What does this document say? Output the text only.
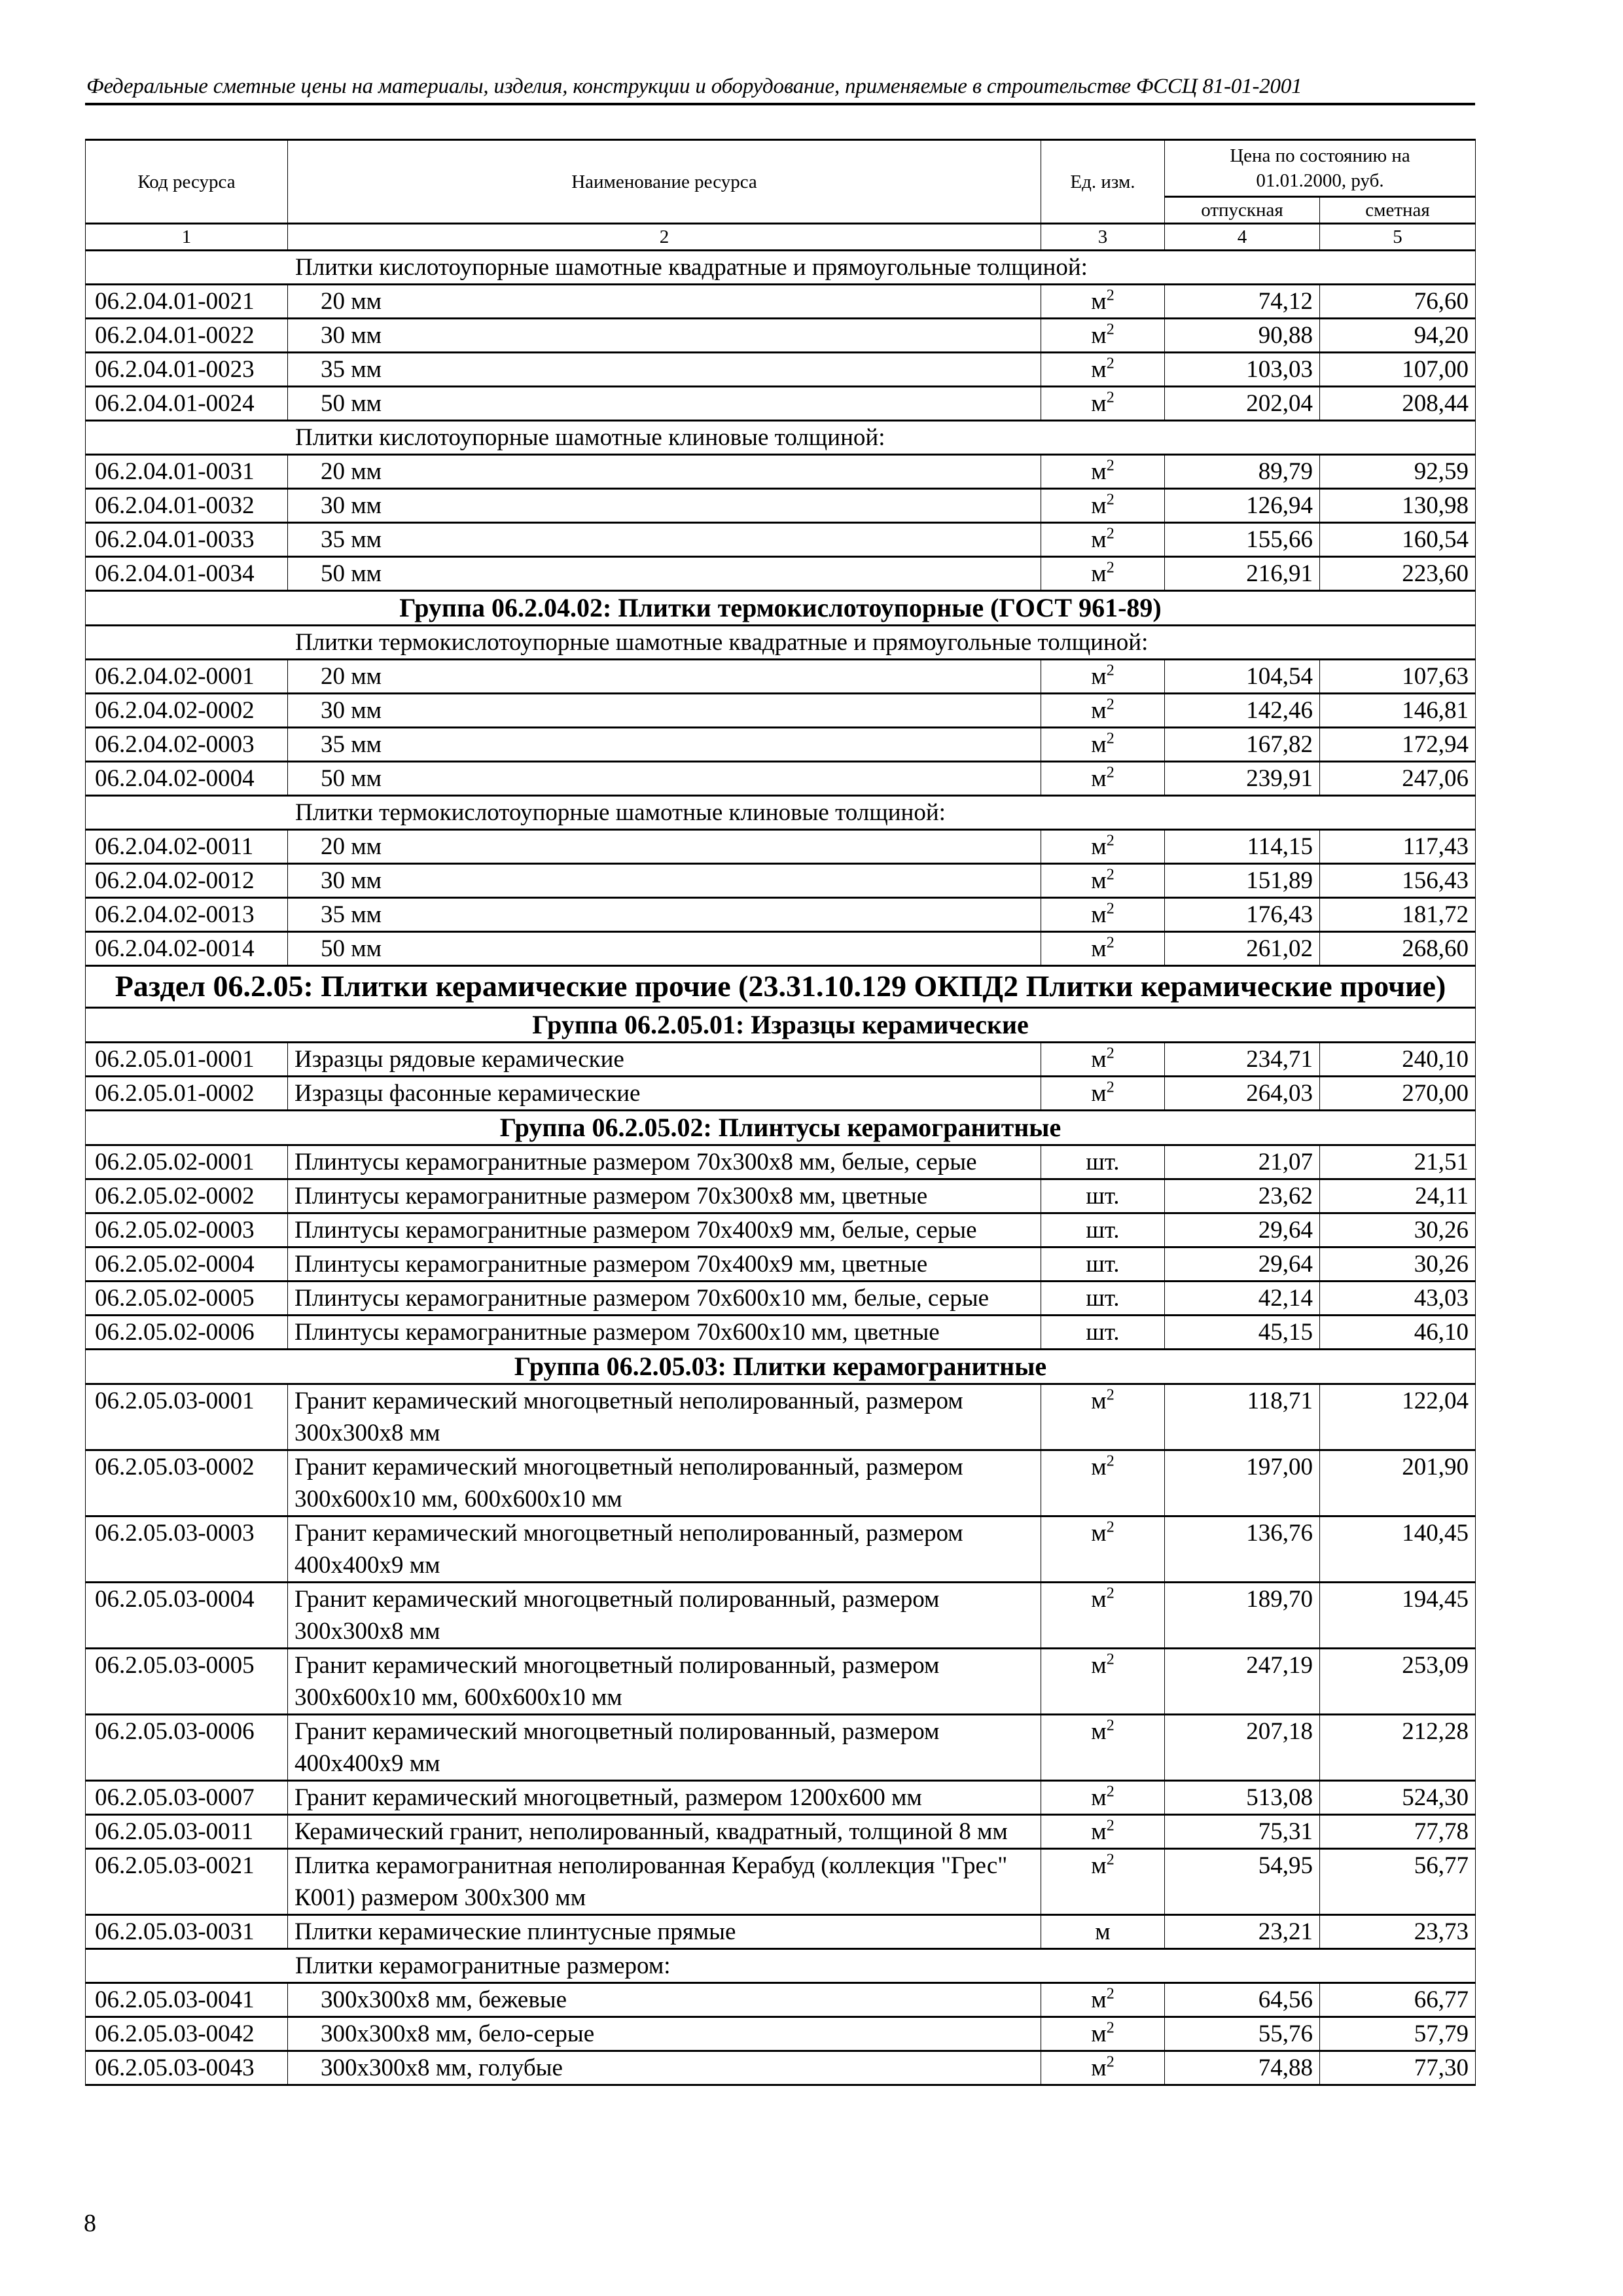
Федеральные сметные цены на материалы, изделия, конструкции и оборудование, применяемые в строительстве ФССЦ 81-01-2001
Код ресурса	Наименование ресурса	Ед. изм.	Цена по состоянию на 01.01.2000, руб.	
			отпускная	сметная
1	2	3	4	5
Плитки кислотоупорные шамотные квадратные и прямоугольные толщиной:				
06.2.04.01-0021	20 мм	$м^2$	74,12	76,60
06.2.04.01-0022	30 мм	$м^2$	90,88	94,20
06.2.04.01-0023	35 мм	$м^2$	103,03	107,00
06.2.04.01-0024	50 мм	$м^2$	202,04	208,44
Плитки кислотоупорные шамотные клиновые толщиной:				
06.2.04.01-0031	20 мм	$м^2$	89,79	92,59
06.2.04.01-0032	30 мм	$м^2$	126,94	130,98
06.2.04.01-0033	35 мм	$м^2$	155,66	160,54
06.2.04.01-0034	50 мм	$м^2$	216,91	223,60
Группа 06.2.04.02: Плитки термокислотоупорные (ГОСТ 961-89)				
Плитки термокислотоупорные шамотные квадратные и прямоугольные толщиной:				
06.2.04.02-0001	20 мм	$м^2$	104,54	107,63
06.2.04.02-0002	30 мм	$м^2$	142,46	146,81
06.2.04.02-0003	35 мм	$м^2$	167,82	172,94
06.2.04.02-0004	50 мм	$м^2$	239,91	247,06
Плитки термокислотоупорные шамотные клиновые толщиной:				
06.2.04.02-0011	20 мм	$м^2$	114,15	117,43
06.2.04.02-0012	30 мм	$м^2$	151,89	156,43
06.2.04.02-0013	35 мм	$м^2$	176,43	181,72
06.2.04.02-0014	50 мм	$м^2$	261,02	268,60
Раздел 06.2.05: Плитки керамические прочие (23.31.10.129 ОКПД2 Плитки керамические прочие)				
Группа 06.2.05.01: Изразцы керамические				
06.2.05.01-0001	Изразцы рядовые керамические	$м^2$	234,71	240,10
06.2.05.01-0002	Изразцы фасонные керамические	$м^2$	264,03	270,00
Группа 06.2.05.02: Плинтусы керамогранитные				
06.2.05.02-0001	Плинтусы керамогранитные размером 70x300x8 мм, белые, серые	шт.	21,07	21,51
06.2.05.02-0002	Плинтусы керамогранитные размером 70x300x8 мм, цветные	шт.	23,62	24,11
06.2.05.02-0003	Плинтусы керамогранитные размером 70x400x9 мм, белые, серые	шт.	29,64	30,26
06.2.05.02-0004	Плинтусы керамогранитные размером 70x400x9 мм, цветные	шт.	29,64	30,26
06.2.05.02-0005	Плинтусы керамогранитные размером 70x600x10 мм, белые, серые	шт.	42,14	43,03
06.2.05.02-0006	Плинтусы керамогранитные размером 70x600x10 мм, цветные	шт.	45,15	46,10
Группа 06.2.05.03: Плитки керамогранитные				
06.2.05.03-0001	Гранит керамический многоцветный неполированный, размером 300x300x8 мм	$м^2$	118,71	122,04
06.2.05.03-0002	Гранит керамический многоцветный неполированный, размером 300x600x10 мм, 600x600x10 мм	$м^2$	197,00	201,90
06.2.05.03-0003	Гранит керамический многоцветный неполированный, размером 400x400x9 мм	$м^2$	136,76	140,45
06.2.05.03-0004	Гранит керамический многоцветный полированный, размером 300x300x8 мм	$м^2$	189,70	194,45
06.2.05.03-0005	Гранит керамический многоцветный полированный, размером 300x600x10 мм, 600x600x10 мм	$м^2$	247,19	253,09
06.2.05.03-0006	Гранит керамический многоцветный полированный, размером 400x400x9 мм	$м^2$	207,18	212,28
06.2.05.03-0007	Гранит керамический многоцветный, размером 1200x600 мм	$м^2$	513,08	524,30
06.2.05.03-0011	Керамический гранит, неполированный, квадратный, толщиной 8 мм	$м^2$	75,31	77,78
06.2.05.03-0021	Плитка керамогранитная неполированная Керабуд (коллекция "Грес" К001) размером 300x300 мм	$м^2$	54,95	56,77
06.2.05.03-0031	Плитки керамические плинтусные прямые	м	23,21	23,73
Плитки керамогранитные размером:				
06.2.05.03-0041	300x300x8 мм, бежевые	$м^2$	64,56	66,77
06.2.05.03-0042	300x300x8 мм, бело-серые	$м^2$	55,76	57,79
06.2.05.03-0043	300x300x8 мм, голубые	$м^2$	74,88	77,30
8
